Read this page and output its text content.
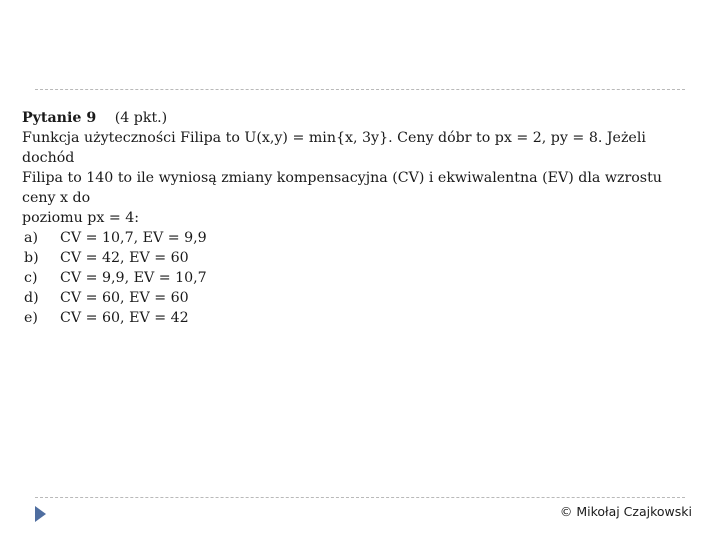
Pytanie 9 (4 pkt.)

Funkcja użyteczności Filipa to U(x,y) = min{x, 3y}. Ceny dóbr to px = 2, py = 8. Jeżeli dochód

Filipa to 140 to ile wyniosą zmiany kompensacyjna (CV) i ekwiwalentna (EV) dla wzrostu ceny x do

poziomu px = 4:

a)	CV = 10,7, EV = 9,9
b)	CV = 42, EV = 60
c)	CV = 9,9, EV = 10,7
d)	CV = 60, EV = 60
e)	CV = 60, EV = 42
© Mikołaj Czajkowski
